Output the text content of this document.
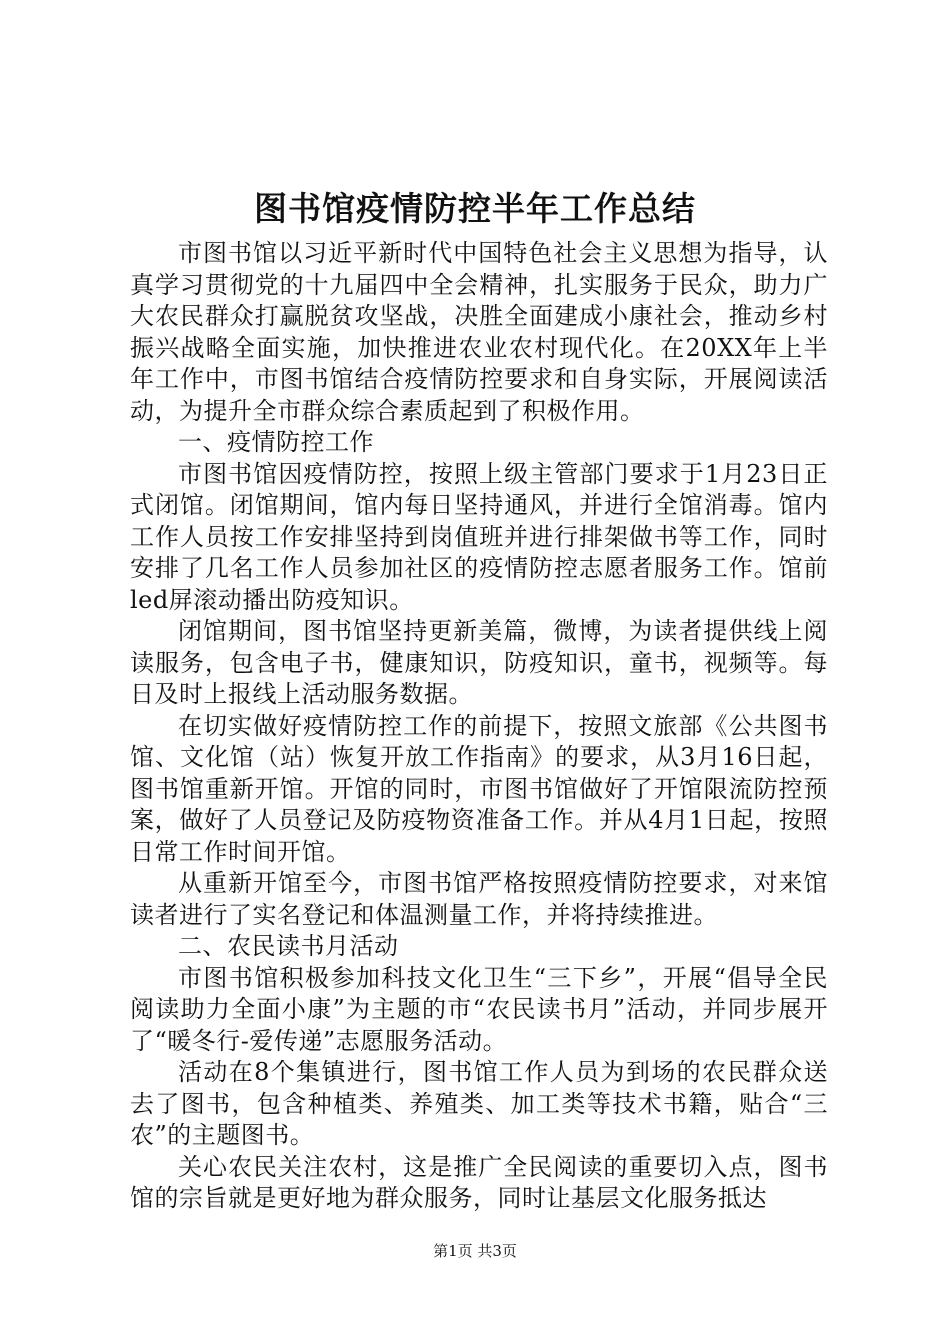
图书馆疫情防控半年工作总结

市图书馆以习近平新时代中国特色社会主义思想为指导，认真学习贯彻党的十九届四中全会精神，扎实服务于民众，助力广大农民群众打赢脱贫攻坚战，决胜全面建成小康社会，推动乡村振兴战略全面实施，加快推进农业农村现代化。在20XX年上半年工作中，市图书馆结合疫情防控要求和自身实际，开展阅读活动，为提升全市群众综合素质起到了积极作用。

一、疫情防控工作

市图书馆因疫情防控，按照上级主管部门要求于1月23日正式闭馆。闭馆期间，馆内每日坚持通风，并进行全馆消毒。馆内工作人员按工作安排坚持到岗值班并进行排架做书等工作，同时安排了几名工作人员参加社区的疫情防控志愿者服务工作。馆前led屏滚动播出防疫知识。

闭馆期间，图书馆坚持更新美篇，微博，为读者提供线上阅读服务，包含电子书，健康知识，防疫知识，童书，视频等。每日及时上报线上活动服务数据。

在切实做好疫情防控工作的前提下，按照文旅部《公共图书馆、文化馆（站）恢复开放工作指南》的要求，从3月16日起，图书馆重新开馆。开馆的同时，市图书馆做好了开馆限流防控预案，做好了人员登记及防疫物资准备工作。并从4月1日起，按照日常工作时间开馆。

从重新开馆至今，市图书馆严格按照疫情防控要求，对来馆读者进行了实名登记和体温测量工作，并将持续推进。

二、农民读书月活动

市图书馆积极参加科技文化卫生“三下乡”，开展“倡导全民阅读助力全面小康”为主题的市“农民读书月”活动，并同步展开了“暖冬行-爱传递”志愿服务活动。

活动在8个集镇进行，图书馆工作人员为到场的农民群众送去了图书，包含种植类、养殖类、加工类等技术书籍，贴合“三农”的主题图书。

关心农民关注农村，这是推广全民阅读的重要切入点，图书馆的宗旨就是更好地为群众服务，同时让基层文化服务抵达

第1页 共3页
